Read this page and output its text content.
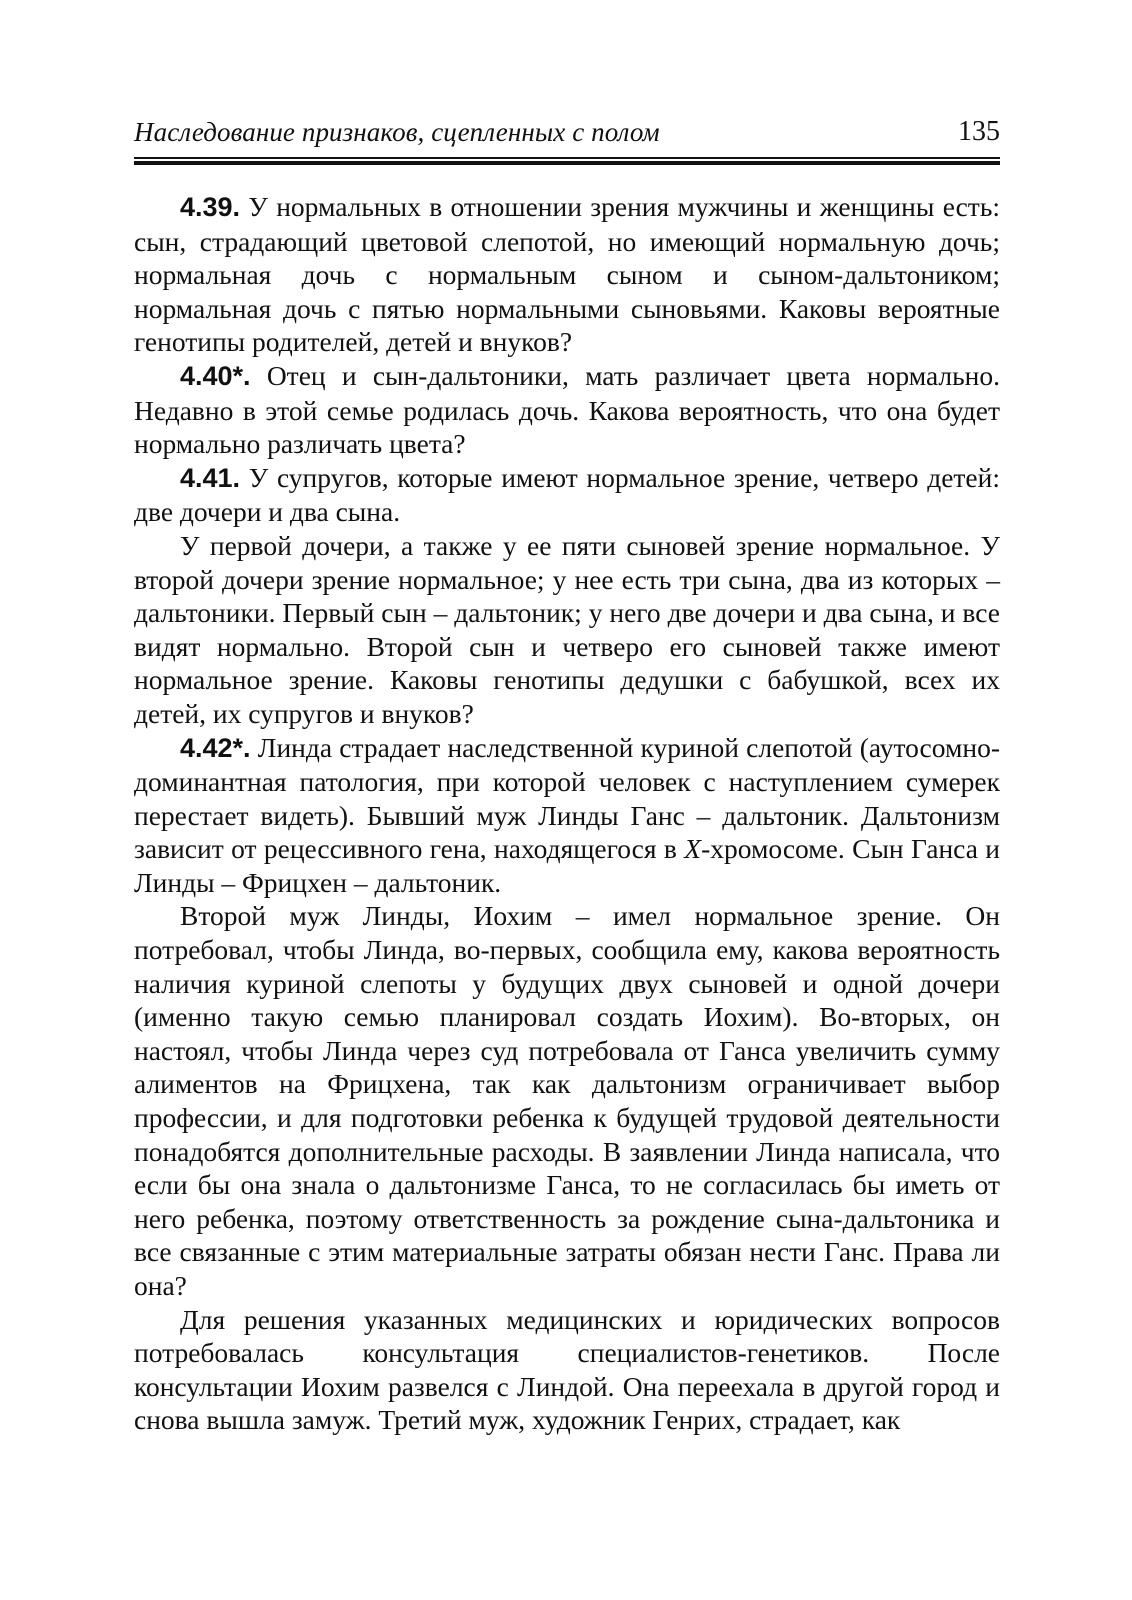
Наследование признаков, сцепленных с полом	135

4.39. У нормальных в отношении зрения мужчины и женщины есть: сын, страдающий цветовой слепотой, но имеющий нормальную дочь; нормальная дочь с нормальным сыном и сыном-дальтоником; нормальная дочь с пятью нормальными сыновьями. Каковы вероятные генотипы родителей, детей и внуков?

4.40*. Отец и сын-дальтоники, мать различает цвета нормально. Недавно в этой семье родилась дочь. Какова вероятность, что она будет нормально различать цвета?

4.41. У супругов, которые имеют нормальное зрение, четверо детей: две дочери и два сына.

У первой дочери, а также у ее пяти сыновей зрение нормальное. У второй дочери зрение нормальное; у нее есть три сына, два из которых – дальтоники. Первый сын – дальтоник; у него две дочери и два сына, и все видят нормально. Второй сын и четверо его сыновей также имеют нормальное зрение. Каковы генотипы дедушки с бабушкой, всех их детей, их супругов и внуков?

4.42*. Линда страдает наследственной куриной слепотой (аутосомно-доминантная патология, при которой человек с наступлением сумерек перестает видеть). Бывший муж Линды Ганс – дальтоник. Дальтонизм зависит от рецессивного гена, находящегося в X-хромосоме. Сын Ганса и Линды – Фрицхен – дальтоник.

Второй муж Линды, Иохим – имел нормальное зрение. Он потребовал, чтобы Линда, во-первых, сообщила ему, какова вероятность наличия куриной слепоты у будущих двух сыновей и одной дочери (именно такую семью планировал создать Иохим). Во-вторых, он настоял, чтобы Линда через суд потребовала от Ганса увеличить сумму алиментов на Фрицхена, так как дальтонизм ограничивает выбор профессии, и для подготовки ребенка к будущей трудовой деятельности понадобятся дополнительные расходы. В заявлении Линда написала, что если бы она знала о дальтонизме Ганса, то не согласилась бы иметь от него ребенка, поэтому ответственность за рождение сына-дальтоника и все связанные с этим материальные затраты обязан нести Ганс. Права ли она?

Для решения указанных медицинских и юридических вопросов потребовалась консультация специалистов-генетиков. После консультации Иохим развелся с Линдой. Она переехала в другой город и снова вышла замуж. Третий муж, художник Генрих, страдает, как
